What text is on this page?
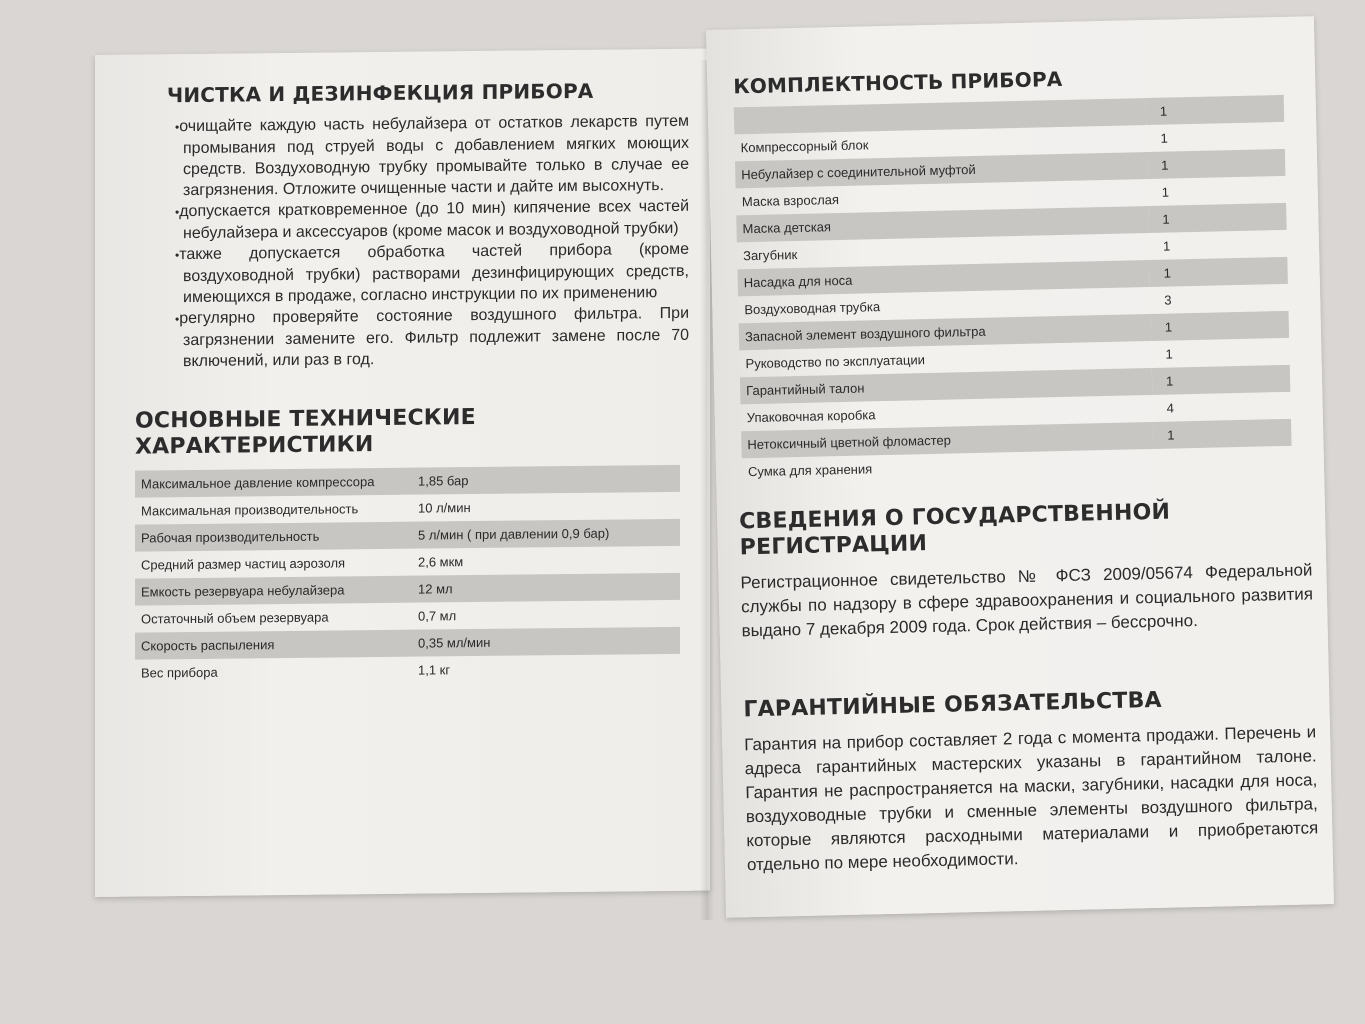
ЧИСТКА И ДЕЗИНФЕКЦИЯ ПРИБОРА
•очищайте каждую часть небулайзера от остатков лекарств путем промывания под струей воды с добавлением мягких моющих средств. Воздуховодную трубку промывайте только в случае ее загрязнения. Отложите очищенные части и дайте им высохнуть.
•допускается кратковременное (до 10 мин) кипячение всех частей небулайзера и аксессуаров (кроме масок и воздуховодной трубки)
•также допускается обработка частей прибора (кроме воздуховодной трубки) растворами дезинфицирующих средств, имеющихся в продаже, согласно инструкции по их применению
•регулярно проверяйте состояние воздушного фильтра. При загрязнении замените его. Фильтр подлежит замене после 70 включений, или раз в год.
ОСНОВНЫЕ ТЕХНИЧЕСКИЕ
ХАРАКТЕРИСТИКИ
Максимальное давление компрессора	1,85 бар
Максимальная производительность	10 л/мин
Рабочая производительность	5 л/мин ( при давлении 0,9 бар)
Средний размер частиц аэрозоля	2,6 мкм
Емкость резервуара небулайзера	12 мл
Остаточный объем резервуара	0,7 мл
Скорость распыления	0,35 мл/мин
Вес прибора	1,1 кг
КОМПЛЕКТНОСТЬ ПРИБОРА
	1
Компрессорный блок	1
Небулайзер с соединительной муфтой	1
Маска взрослая	1
Маска детская	1
Загубник	1
Насадка для носа	1
Воздуховодная трубка	3
Запасной элемент воздушного фильтра	1
Руководство по эксплуатации	1
Гарантийный талон	1
Упаковочная коробка	4
Нетоксичный цветной фломастер	1
Сумка для хранения	
СВЕДЕНИЯ О ГОСУДАРСТВЕННОЙ
РЕГИСТРАЦИИ

Регистрационное свидетельство № ФСЗ 2009/05674 Федеральной службы по надзору в сфере здравоохранения и социального развития выдано 7 декабря 2009 года. Срок действия – бессрочно.

ГАРАНТИЙНЫЕ ОБЯЗАТЕЛЬСТВА

Гарантия на прибор составляет 2 года с момента продажи. Перечень и адреса гарантийных мастерских указаны в гарантийном талоне. Гарантия не распространяется на маски, загубники, насадки для носа, воздуховодные трубки и сменные элементы воздушного фильтра, которые являются расходными материалами и приобретаются отдельно по мере необходимости.
